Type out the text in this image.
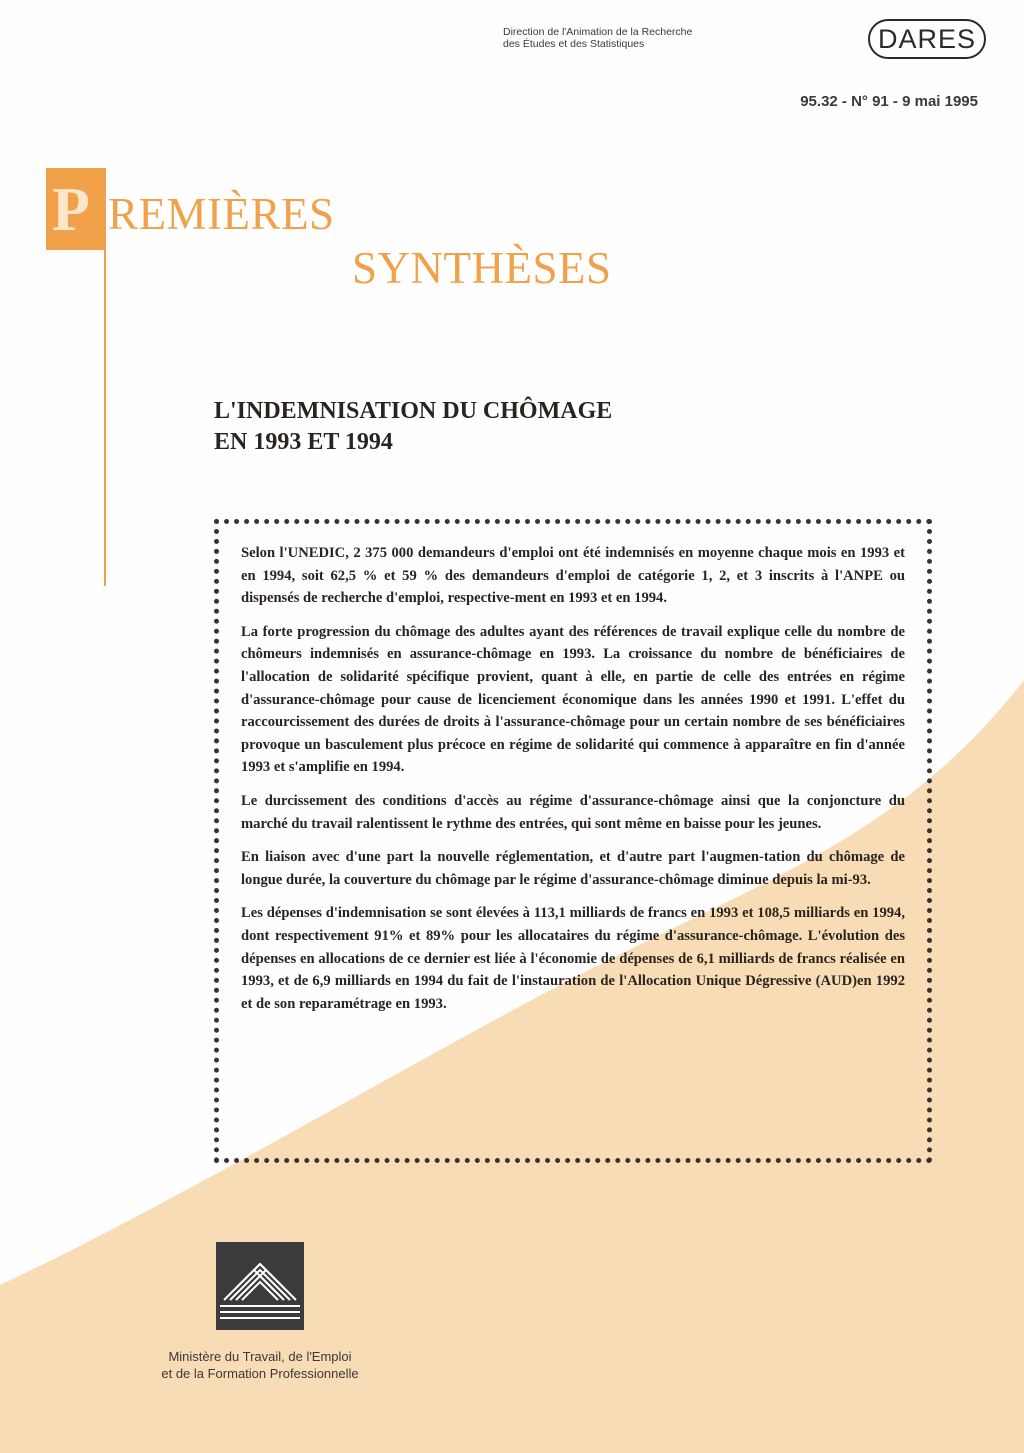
Direction de l'Animation de la Recherche
des Études et des Statistiques	DARES
95.32 - N° 91 - 9 mai 1995
P REMIÈRES
SYNTHÈSES
L'INDEMNISATION DU CHÔMAGE
EN 1993 ET 1994

Selon l'UNEDIC, 2 375 000 demandeurs d'emploi ont été indemnisés en moyenne chaque mois en 1993 et en 1994, soit 62,5 % et 59 % des demandeurs d'emploi de catégorie 1, 2, et 3 inscrits à l'ANPE ou dispensés de recherche d'emploi, respective-ment en 1993 et en 1994.

La forte progression du chômage des adultes ayant des références de travail explique celle du nombre de chômeurs indemnisés en assurance-chômage en 1993. La croissance du nombre de bénéficiaires de l'allocation de solidarité spécifique provient, quant à elle, en partie de celle des entrées en régime d'assurance-chômage pour cause de licenciement économique dans les années 1990 et 1991. L'effet du raccourcissement des durées de droits à l'assurance-chômage pour un certain nombre de ses bénéficiaires provoque un basculement plus précoce en régime de solidarité qui commence à apparaître en fin d'année 1993 et s'amplifie en 1994.

Le durcissement des conditions d'accès au régime d'assurance-chômage ainsi que la conjoncture du marché du travail ralentissent le rythme des entrées, qui sont même en baisse pour les jeunes.

En liaison avec d'une part la nouvelle réglementation, et d'autre part l'augmen-tation du chômage de longue durée, la couverture du chômage par le régime d'assurance-chômage diminue depuis la mi-93.

Les dépenses d'indemnisation se sont élevées à 113,1 milliards de francs en 1993 et 108,5 milliards en 1994, dont respectivement 91% et 89% pour les allocataires du régime d'assurance-chômage. L'évolution des dépenses en allocations de ce dernier est liée à l'économie de dépenses de 6,1 milliards de francs réalisée en 1993, et de 6,9 milliards en 1994 du fait de l'instauration de l'Allocation Unique Dégressive (AUD)en 1992 et de son reparamétrage en 1993.

Ministère du Travail, de l'Emploi
et de la Formation Professionnelle
